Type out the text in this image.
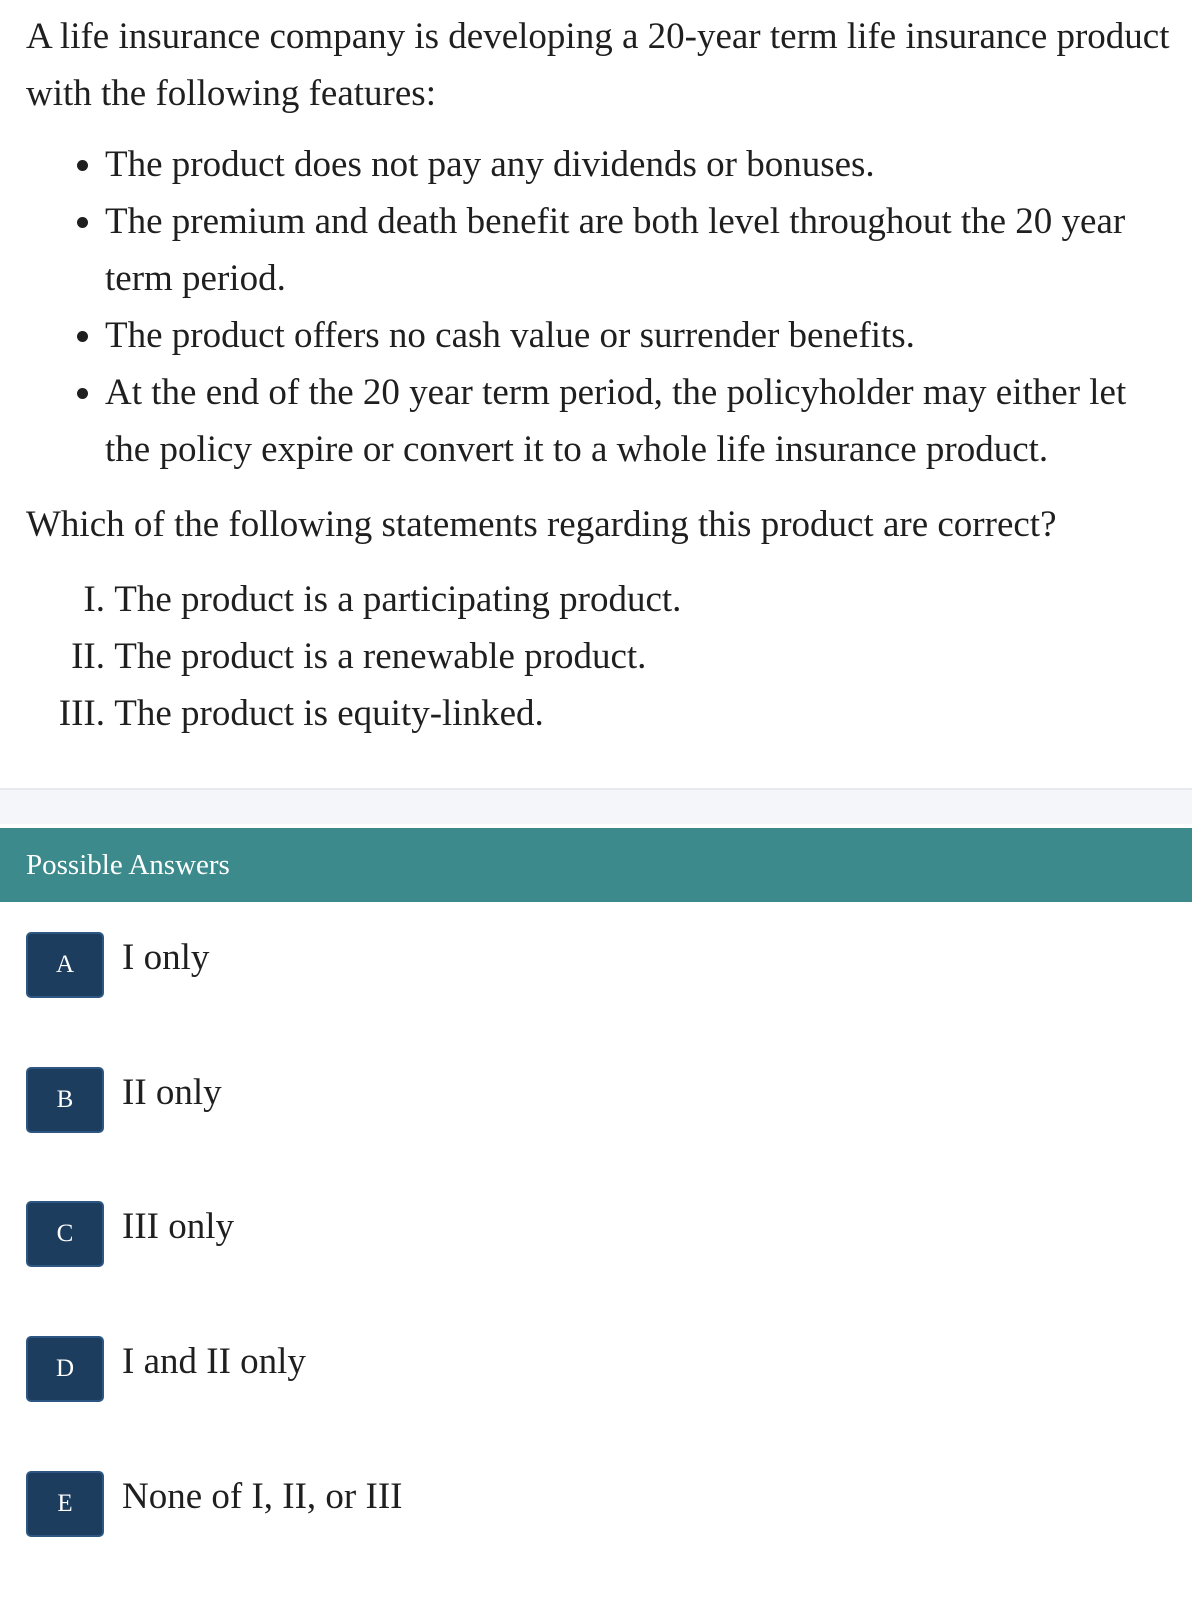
A life insurance company is developing a 20-year term life insurance product with the following features:

• The product does not pay any dividends or bonuses.
• The premium and death benefit are both level throughout the 20 year term period.
• The product offers no cash value or surrender benefits.
• At the end of the 20 year term period, the policyholder may either let the policy expire or convert it to a whole life insurance product.

Which of the following statements regarding this product are correct?

I.
The product is a participating product.
II.
The product is a renewable product.
III.
The product is equity-linked.
Possible Answers
A	I only
B	II only
C	III only
D	I and II only
E	None of I, II, or III
